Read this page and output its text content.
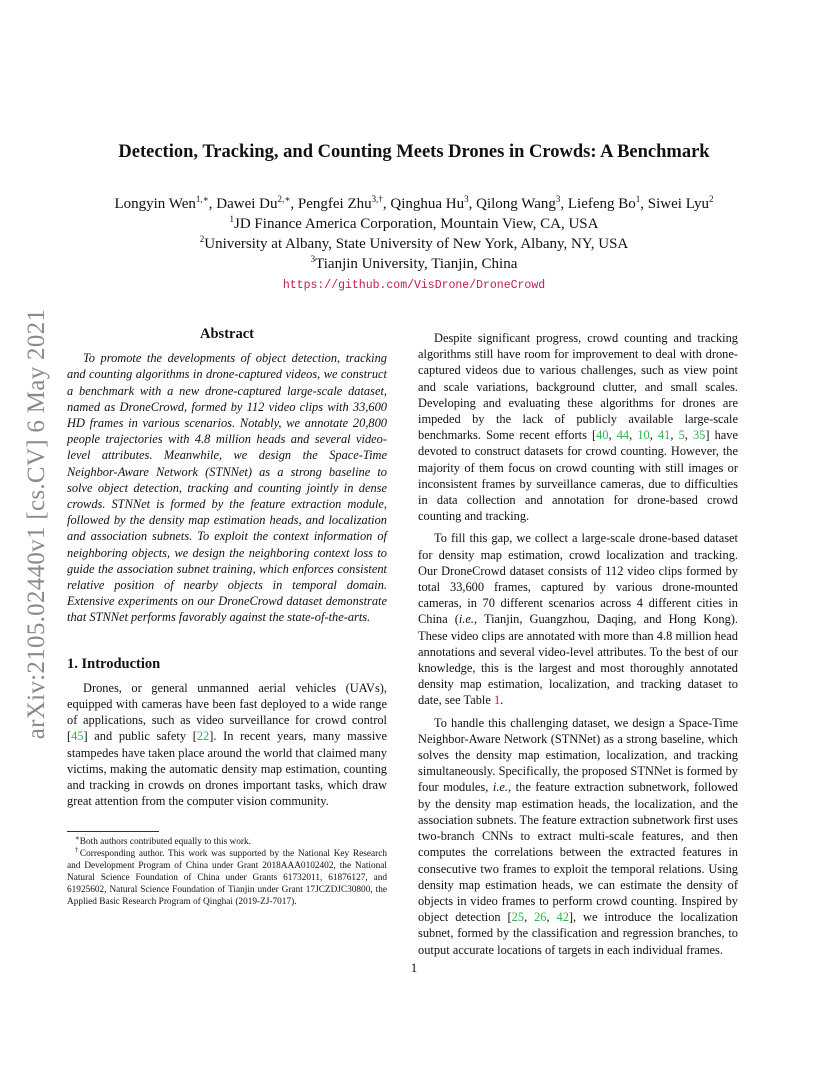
arXiv:2105.02440v1 [cs.CV] 6 May 2021
Detection, Tracking, and Counting Meets Drones in Crowds: A Benchmark
Longyin Wen$^{1,∗}$, Dawei $Du^{2,∗}$, Pengfei Zhu$^{3,\dagger}$, Qinghua Hu$^3$, Qilong Wang$^3$, Liefeng Bo$^1$, Siwei Lyu$^2$
$^1$JD Finance America Corporation, Mountain View, CA, USA
$^2$University at Albany, State University of New York, Albany, NY, USA
$^3$Tianjin University, Tianjin, China
https://github.com/VisDrone/DroneCrowd
Abstract

To promote the developments of object detection, tracking and counting algorithms in drone-captured videos, we construct a benchmark with a new drone-captured large-scale dataset, named as DroneCrowd, formed by 112 video clips with 33,600 HD frames in various scenarios. Notably, we annotate 20,800 people trajectories with 4.8 million heads and several video-level attributes. Meanwhile, we design the Space-Time Neighbor-Aware Network (STNNet) as a strong baseline to solve object detection, tracking and counting jointly in dense crowds. STNNet is formed by the feature extraction module, followed by the density map estimation heads, and localization and association subnets. To exploit the context information of neighboring objects, we design the neighboring context loss to guide the association subnet training, which enforces consistent relative position of nearby objects in temporal domain. Extensive experiments on our DroneCrowd dataset demonstrate that STNNet performs favorably against the state-of-the-arts.

1. Introduction

Drones, or general unmanned aerial vehicles (UAVs), equipped with cameras have been fast deployed to a wide range of applications, such as video surveillance for crowd control [45] and public safety [22]. In recent years, many massive stampedes have taken place around the world that claimed many victims, making the automatic density map estimation, counting and tracking in crowds on drones important tasks, which draw great attention from the computer vision community.

∗Both authors contributed equally to this work.

†Corresponding author. This work was supported by the National Key Research and Development Program of China under Grant 2018AAA0102402, the National Natural Science Foundation of China under Grants 61732011, 61876127, and 61925602, Natural Science Foundation of Tianjin under Grant 17JCZDJC30800, the Applied Basic Research Program of Qinghai (2019-ZJ-7017).

Despite significant progress, crowd counting and tracking algorithms still have room for improvement to deal with drone-captured videos due to various challenges, such as view point and scale variations, background clutter, and small scales. Developing and evaluating these algorithms for drones are impeded by the lack of publicly available large-scale benchmarks. Some recent efforts [40, 44, 10, 41, 5, 35] have devoted to construct datasets for crowd counting. However, the majority of them focus on crowd counting with still images or inconsistent frames by surveillance cameras, due to difficulties in data collection and annotation for drone-based crowd counting and tracking.

To fill this gap, we collect a large-scale drone-based dataset for density map estimation, crowd localization and tracking. Our DroneCrowd dataset consists of 112 video clips formed by total 33,600 frames, captured by various drone-mounted cameras, in 70 different scenarios across 4 different cities in China (i.e., Tianjin, Guangzhou, Daqing, and Hong Kong). These video clips are annotated with more than 4.8 million head annotations and several video-level attributes. To the best of our knowledge, this is the largest and most thoroughly annotated density map estimation, localization, and tracking dataset to date, see Table 1.

To handle this challenging dataset, we design a Space-Time Neighbor-Aware Network (STNNet) as a strong baseline, which solves the density map estimation, localization, and tracking simultaneously. Specifically, the proposed STNNet is formed by four modules, i.e., the feature extraction subnetwork, followed by the density map estimation heads, the localization, and the association subnets. The feature extraction subnetwork first uses two-branch CNNs to extract multi-scale features, and then computes the correlations between the extracted features in consecutive two frames to exploit the temporal relations. Using density map estimation heads, we can estimate the density of objects in video frames to perform crowd counting. Inspired by object detection [25, 26, 42], we introduce the localization subnet, formed by the classification and regression branches, to output accurate locations of targets in each individual frames.

1
